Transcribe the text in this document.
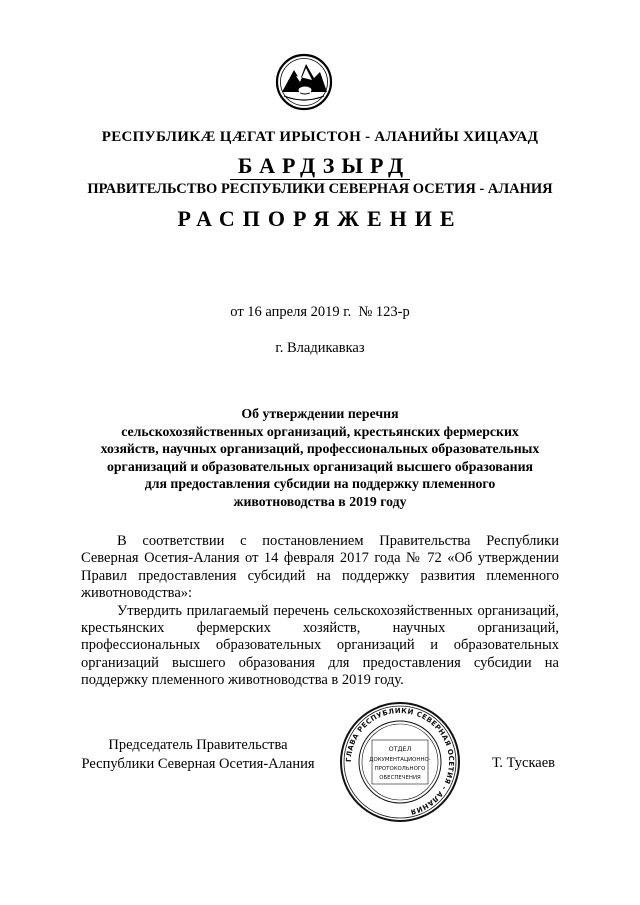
РЕСПУБЛИКӔ ЦӔГАТ ИРЫСТОН - АЛАНИЙЫ ХИЦАУАД
БАРДЗЫРД
ПРАВИТЕЛЬСТВО РЕСПУБЛИКИ СЕВЕРНАЯ ОСЕТИЯ - АЛАНИЯ
РАСПОРЯЖЕНИЕ
от 16 апреля 2019 г.  № 123-р
г. Владикавказ
Об утверждении перечня
сельскохозяйственных организаций, крестьянских фермерских
хозяйств, научных организаций, профессиональных образовательных
организаций и образовательных организаций высшего образования
для предоставления субсидии на поддержку племенного
животноводства в 2019 году

В соответствии с постановлением Правительства Республики Северная Осетия-Алания от 14 февраля 2017 года № 72 «Об утверждении Правил предоставления субсидий на поддержку развития племенного животноводства»:

Утвердить прилагаемый перечень сельскохозяйственных организаций, крестьянских фермерских хозяйств, научных организаций, профессиональных образовательных организаций и образовательных организаций высшего образования для предоставления субсидии на поддержку племенного животноводства в 2019 году.

Председатель Правительства
Республики Северная Осетия-Алания	ГЛАВА РЕСПУБЛИКИ СЕВЕРНАЯ ОСЕТИЯ - АЛАНИЯ
ОТДЕЛ
ДОКУМЕНТАЦИОННО-
ПРОТОКОЛЬНОГО
ОБЕСПЕЧЕНИЯ
Т. Тускаев
